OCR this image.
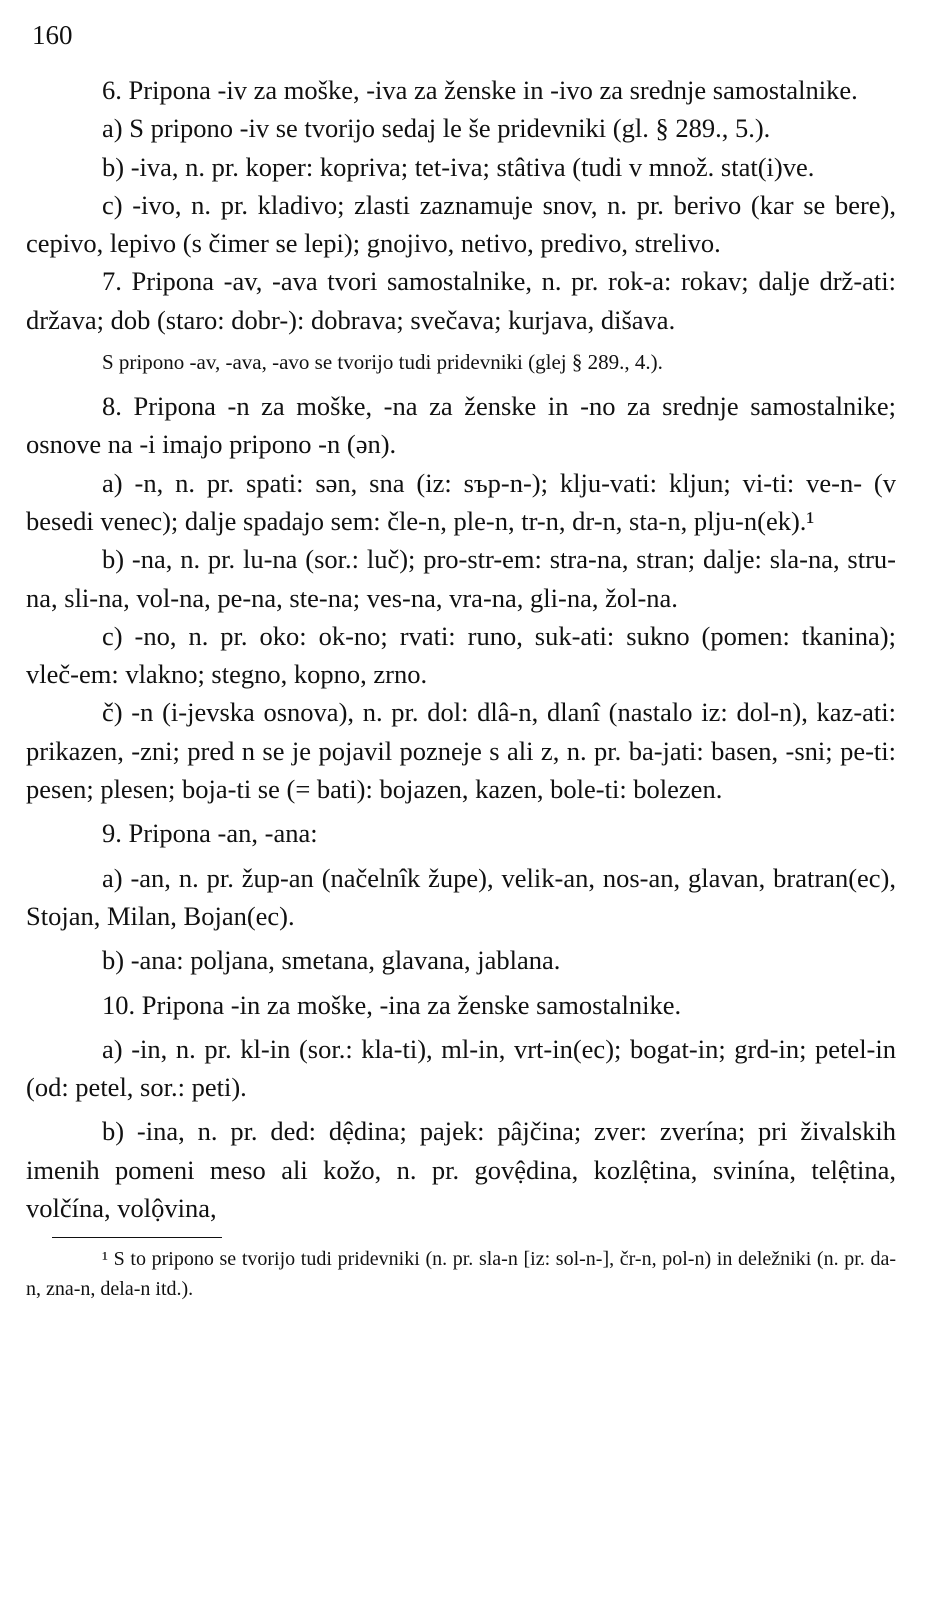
160

6. Pripona -iv za moške, -iva za ženske in -ivo za srednje samostalnike.

a) S pripono -iv se tvorijo sedaj le še pridevniki (gl. § 289., 5.).

b) -iva, n. pr. koper: kopriva; tet-iva; stâtiva (tudi v množ. stat(i)ve.

c) -ivo, n. pr. kladivo; zlasti zaznamuje snov, n. pr. berivo (kar se bere), cepivo, lepivo (s čimer se lepi); gnojivo, netivo, predivo, strelivo.

7. Pripona -av, -ava tvori samostalnike, n. pr. rok-a: rokav; dalje drž-ati: država; dob (staro: dobr-): dobrava; svečava; kurjava, dišava.

S pripono -av, -ava, -avo se tvorijo tudi pridevniki (glej § 289., 4.).

8. Pripona -n za moške, -na za ženske in -no za srednje samostalnike; osnove na -i imajo pripono -n (ən).

a) -n, n. pr. spati: sən, sna (iz: sъp-n-); klju-vati: kljun; vi-ti: ve-n- (v besedi venec); dalje spadajo sem: čle-n, ple-n, tr-n, dr-n, sta-n, plju-n(ek).¹

b) -na, n. pr. lu-na (sor.: luč); pro-str-em: stra-na, stran; dalje: sla-na, stru-na, sli-na, vol-na, pe-na, ste-na; ves-na, vra-na, gli-na, žol-na.

c) -no, n. pr. oko: ok-no; rvati: runo, suk-ati: sukno (pomen: tkanina); vleč-em: vlakno; stegno, kopno, zrno.

č) -n (i-jevska osnova), n. pr. dol: dlâ-n, dlanî (nastalo iz: dol-n), kaz-ati: prikazen, -zni; pred n se je pojavil pozneje s ali z, n. pr. ba-jati: basen, -sni; pe-ti: pesen; plesen; boja-ti se (= bati): bojazen, kazen, bole-ti: bolezen.

9. Pripona -an, -ana:

a) -an, n. pr. žup-an (načelnîk župe), velik-an, nos-an, glavan, bratran(ec), Stojan, Milan, Bojan(ec).

b) -ana: poljana, smetana, glavana, jablana.

10. Pripona -in za moške, -ina za ženske samostalnike.

a) -in, n. pr. kl-in (sor.: kla-ti), ml-in, vrt-in(ec); bogat-in; grd-in; petel-in (od: petel, sor.: peti).

b) -ina, n. pr. ded: dệdina; pajek: pâjčina; zver: zverína; pri živalskih imenih pomeni meso ali kožo, n. pr. govệdina, kozlệtina, svinína, telệtina, volčína, volộvina,

¹ S to pripono se tvorijo tudi pridevniki (n. pr. sla-n [iz: sol-n-], čr-n, pol-n) in deležniki (n. pr. da-n, zna-n, dela-n itd.).
